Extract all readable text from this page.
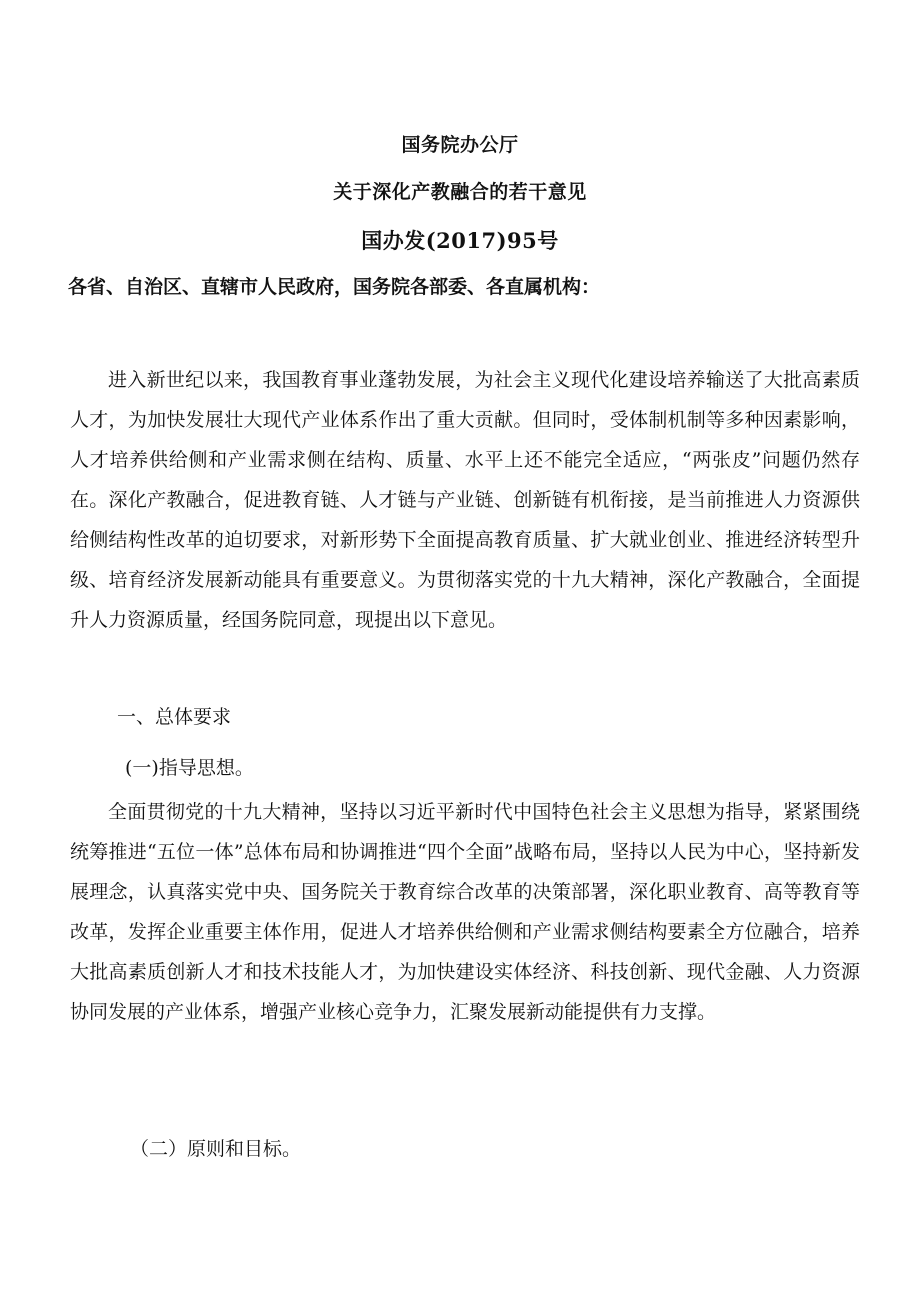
国务院办公厅
关于深化产教融合的若干意见
国办发(2017)95号
各省、自治区、直辖市人民政府，国务院各部委、各直属机构：

进入新世纪以来，我国教育事业蓬勃发展，为社会主义现代化建设培养输送了大批高素质人才，为加快发展壮大现代产业体系作出了重大贡献。但同时，受体制机制等多种因素影响，人才培养供给侧和产业需求侧在结构、质量、水平上还不能完全适应，“两张皮”问题仍然存在。深化产教融合，促进教育链、人才链与产业链、创新链有机衔接，是当前推进人力资源供给侧结构性改革的迫切要求，对新形势下全面提高教育质量、扩大就业创业、推进经济转型升级、培育经济发展新动能具有重要意义。为贯彻落实党的十九大精神，深化产教融合，全面提升人力资源质量，经国务院同意，现提出以下意见。

一、总体要求
(一)指导思想。

全面贯彻党的十九大精神，坚持以习近平新时代中国特色社会主义思想为指导，紧紧围绕统筹推进“五位一体”总体布局和协调推进“四个全面”战略布局，坚持以人民为中心，坚持新发展理念，认真落实党中央、国务院关于教育综合改革的决策部署，深化职业教育、高等教育等改革，发挥企业重要主体作用，促进人才培养供给侧和产业需求侧结构要素全方位融合，培养大批高素质创新人才和技术技能人才，为加快建设实体经济、科技创新、现代金融、人力资源协同发展的产业体系，增强产业核心竞争力，汇聚发展新动能提供有力支撑。

（二）原则和目标。
